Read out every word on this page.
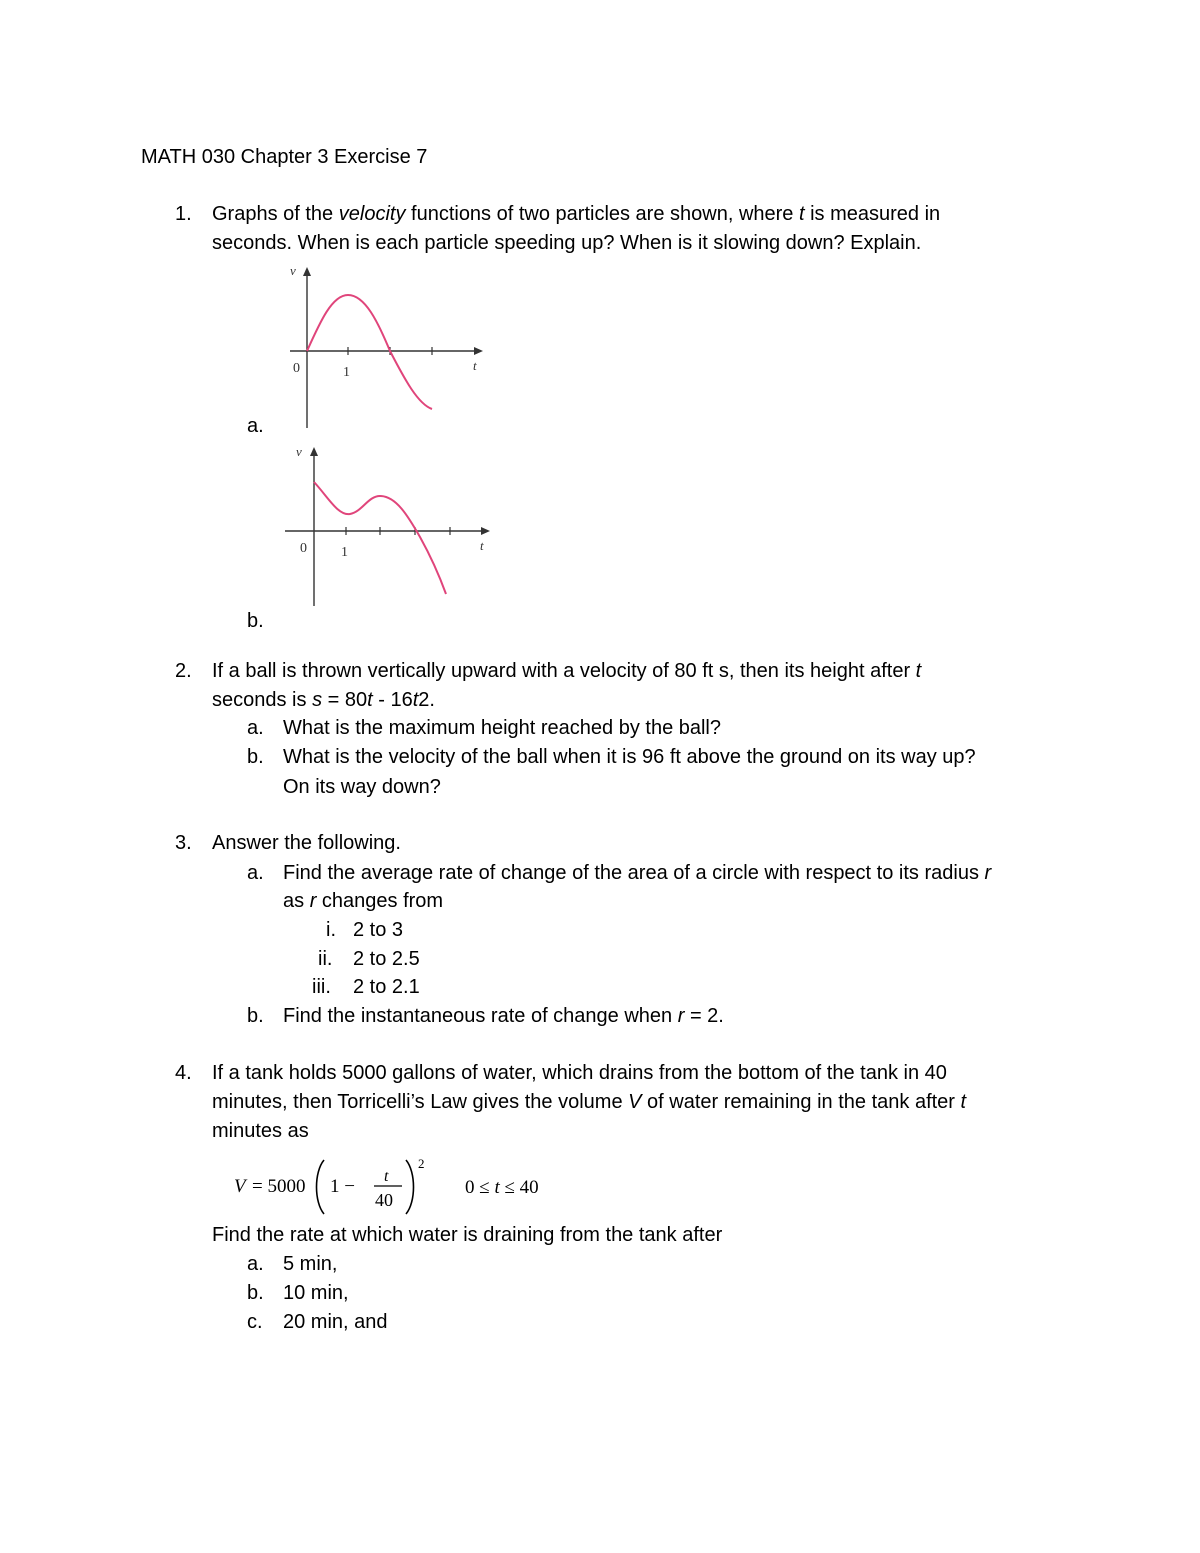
MATH 030 Chapter 3 Exercise 7
1. Graphs of the velocity functions of two particles are shown, where t is measured in
seconds. When is each particle speeding up? When is it slowing down? Explain.
v
0	1	t
a.
v
0 1	t
b.
2. If a ball is thrown vertically upward with a velocity of 80 ft s, then its height after t
seconds is s = 80t - 16t2.
a. What is the maximum height reached by the ball?
b. What is the velocity of the ball when it is 96 ft above the ground on its way up?
On its way down?
3. Answer the following.
a. Find the average rate of change of the area of a circle with respect to its radius r
as r changes from
i. 2 to 3
ii. 2 to 2.5
iii. 2 to 2.1
b. Find the instantaneous rate of change when r = 2.
4. If a tank holds 5000 gallons of water, which drains from the bottom of the tank in 40
minutes, then Torricelli’s Law gives the volume V of water remaining in the tank after t
minutes as
V = 5000 1 − t
40
2
0 ≤ t ≤ 40
Find the rate at which water is draining from the tank after
a. 5 min,
b. 10 min,
c. 20 min, and
